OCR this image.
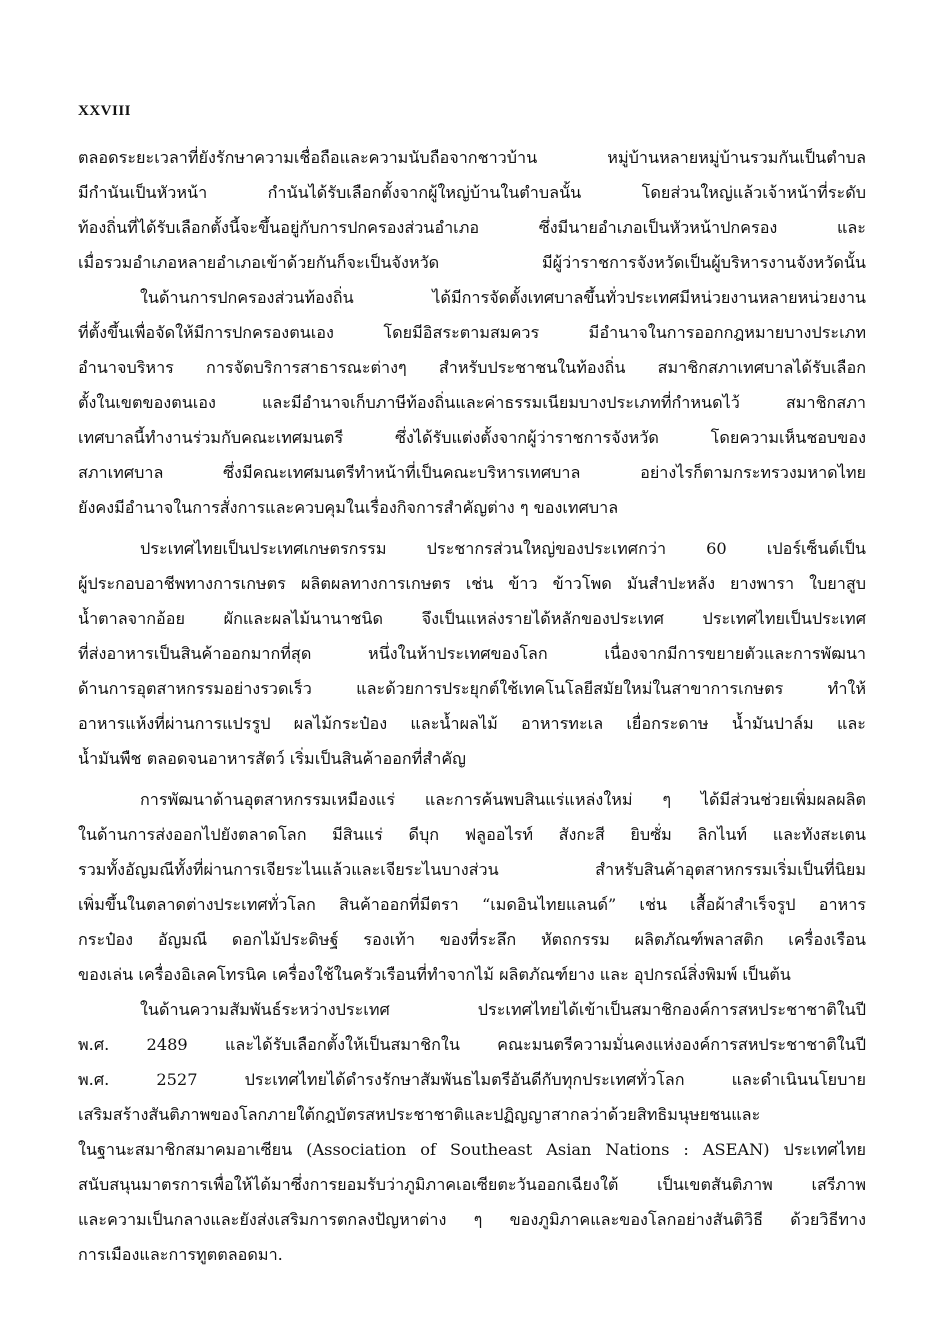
XXVIII
ตลอดระยะเวลาที่ยังรักษาความเชื่อถือและความนับถือจากชาวบ้าน หมู่บ้านหลายหมู่บ้านรวมกันเป็นตำบล
มีกำนันเป็นหัวหน้า กำนันได้รับเลือกตั้งจากผู้ใหญ่บ้านในตำบลนั้น โดยส่วนใหญ่แล้วเจ้าหน้าที่ระดับ
ท้องถิ่นที่ได้รับเลือกตั้งนี้จะขึ้นอยู่กับการปกครองส่วนอำเภอ ซึ่งมีนายอำเภอเป็นหัวหน้าปกครอง และ
เมื่อรวมอำเภอหลายอำเภอเข้าด้วยกันก็จะเป็นจังหวัด มีผู้ว่าราชการจังหวัดเป็นผู้บริหารงานจังหวัดนั้น
ในด้านการปกครองส่วนท้องถิ่น ได้มีการจัดตั้งเทศบาลขึ้นทั่วประเทศมีหน่วยงานหลายหน่วยงาน
ที่ตั้งขึ้นเพื่อจัดให้มีการปกครองตนเอง โดยมีอิสระตามสมควร มีอำนาจในการออกกฎหมายบางประเภท
อำนาจบริหาร การจัดบริการสาธารณะต่างๆ สำหรับประชาชนในท้องถิ่น สมาชิกสภาเทศบาลได้รับเลือก
ตั้งในเขตของตนเอง และมีอำนาจเก็บภาษีท้องถิ่นและค่าธรรมเนียมบางประเภทที่กำหนดไว้ สมาชิกสภา
เทศบาลนี้ทำงานร่วมกับคณะเทศมนตรี ซึ่งได้รับแต่งตั้งจากผู้ว่าราชการจังหวัด โดยความเห็นชอบของ
สภาเทศบาล ซึ่งมีคณะเทศมนตรีทำหน้าที่เป็นคณะบริหารเทศบาล อย่างไรก็ตามกระทรวงมหาดไทย
ยังคงมีอำนาจในการสั่งการและควบคุมในเรื่องกิจการสำคัญต่าง ๆ ของเทศบาล
ประเทศไทยเป็นประเทศเกษตรกรรม ประชากรส่วนใหญ่ของประเทศกว่า 60 เปอร์เซ็นต์เป็น
ผู้ประกอบอาชีพทางการเกษตร ผลิตผลทางการเกษตร เช่น ข้าว ข้าวโพด มันสำปะหลัง ยางพารา ใบยาสูบ
น้ำตาลจากอ้อย ผักและผลไม้นานาชนิด จึงเป็นแหล่งรายได้หลักของประเทศ ประเทศไทยเป็นประเทศ
ที่ส่งอาหารเป็นสินค้าออกมากที่สุด หนึ่งในห้าประเทศของโลก เนื่องจากมีการขยายตัวและการพัฒนา
ด้านการอุตสาหกรรมอย่างรวดเร็ว และด้วยการประยุกต์ใช้เทคโนโลยีสมัยใหม่ในสาขาการเกษตร ทำให้
อาหารแห้งที่ผ่านการแปรรูป ผลไม้กระป๋อง และน้ำผลไม้ อาหารทะเล เยื่อกระดาษ น้ำมันปาล์ม และ
น้ำมันพืช ตลอดจนอาหารสัตว์ เริ่มเป็นสินค้าออกที่สำคัญ
การพัฒนาด้านอุตสาหกรรมเหมืองแร่ และการค้นพบสินแร่แหล่งใหม่ ๆ ได้มีส่วนช่วยเพิ่มผลผลิต
ในด้านการส่งออกไปยังตลาดโลก มีสินแร่ ดีบุก ฟลูออไรท์ สังกะสี ยิบซั่ม ลิกไนท์ และทังสะเตน
รวมทั้งอัญมณีทั้งที่ผ่านการเจียระไนแล้วและเจียระไนบางส่วน สำหรับสินค้าอุตสาหกรรมเริ่มเป็นที่นิยม
เพิ่มขึ้นในตลาดต่างประเทศทั่วโลก สินค้าออกที่มีตรา “เมดอินไทยแลนด์” เช่น เสื้อผ้าสำเร็จรูป อาหาร
กระป๋อง อัญมณี ดอกไม้ประดิษฐ์ รองเท้า ของที่ระลึก หัตถกรรม ผลิตภัณฑ์พลาสติก เครื่องเรือน
ของเล่น เครื่องอิเลคโทรนิค เครื่องใช้ในครัวเรือนที่ทำจากไม้ ผลิตภัณฑ์ยาง และ อุปกรณ์สิ่งพิมพ์ เป็นต้น
ในด้านความสัมพันธ์ระหว่างประเทศ ประเทศไทยได้เข้าเป็นสมาชิกองค์การสหประชาชาติในปี
พ.ศ. 2489 และได้รับเลือกตั้งให้เป็นสมาชิกใน คณะมนตรีความมั่นคงแห่งองค์การสหประชาชาติในปี
พ.ศ. 2527 ประเทศไทยได้ดำรงรักษาสัมพันธไมตรีอันดีกับทุกประเทศทั่วโลก และดำเนินนโยบาย
เสริมสร้างสันติภาพของโลกภายใต้กฎบัตรสหประชาชาติและปฏิญญาสากลว่าด้วยสิทธิมนุษยชนและ
ในฐานะสมาชิกสมาคมอาเซียน (Association of Southeast Asian Nations : ASEAN) ประเทศไทย
สนับสนุนมาตรการเพื่อให้ได้มาซึ่งการยอมรับว่าภูมิภาคเอเซียตะวันออกเฉียงใต้ เป็นเขตสันติภาพ เสรีภาพ
และความเป็นกลางและยังส่งเสริมการตกลงปัญหาต่าง ๆ ของภูมิภาคและของโลกอย่างสันติวิธี ด้วยวิธีทาง
การเมืองและการทูตตลอดมา.
